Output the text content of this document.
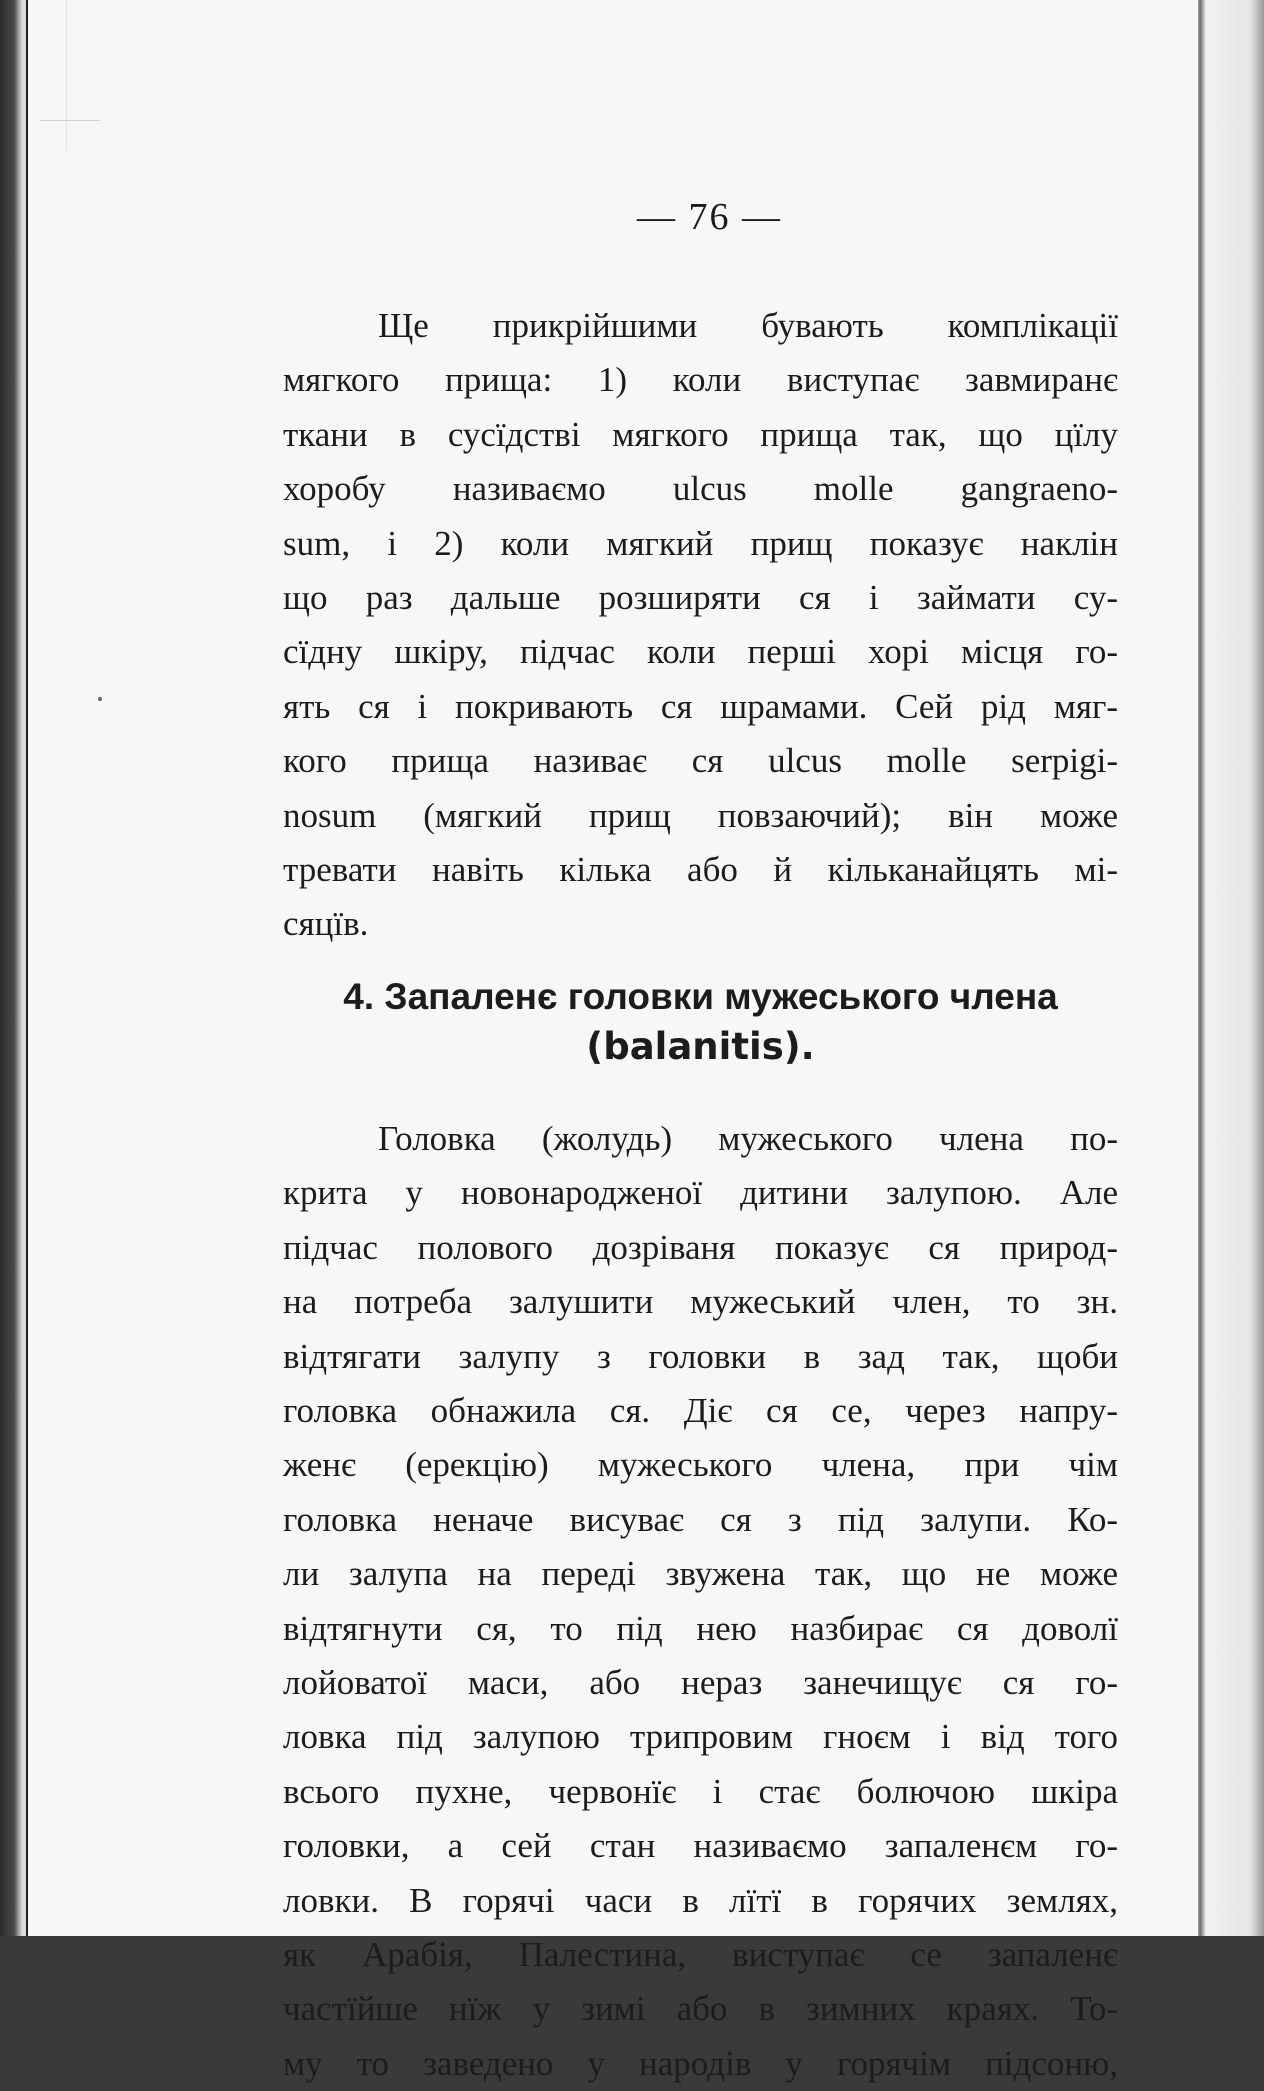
— 76 —

Ще прикрійшими бувають комплікації
мягкого прища: 1) коли виступає завмиранє
ткани в сусїдстві мягкого прища так, що цїлу
хоробу називаємо ulcus molle gangraeno-
sum, і 2) коли мягкий прищ показує наклін
що раз дальше розширяти ся і займати су-
сїдну шкіру, підчас коли перші хорі місця го-
ять ся і покривають ся шрамами. Сей рід мяг-
кого прища називає ся ulcus molle serpigi-
nosum (мягкий прищ повзаючий); він може
тревати навіть кілька або й кільканайцять мі-
сяцїв.

4. Запаленє головки мужеського члена
(balanitis).

Головка (жолудь) мужеського члена по-
крита у новонародженої дитини залупою. Але
підчас полового дозріваня показує ся природ-
на потреба залушити мужеський член, то зн.
відтягати залупу з головки в зад так, щоби
головка обнажила ся. Діє ся се, через напру-
женє (ерекцію) мужеського члена, при чім
головка неначе висуває ся з під залупи. Ко-
ли залупа на переді звужена так, що не може
відтягнути ся, то під нею назбирає ся доволї
лойоватої маси, або нераз занечищує ся го-
ловка під залупою трипровим гноєм і від того
всього пухне, червонїє і стає болючою шкіра
головки, а сей стан називаємо запаленєм го-
ловки. В горячі часи в лїтї в горячих землях,
як Арабія, Палестина, виступає се запаленє
частїйше нїж у зимі або в зимних краях. То-
му то заведено у народів у горячім підсоню,
